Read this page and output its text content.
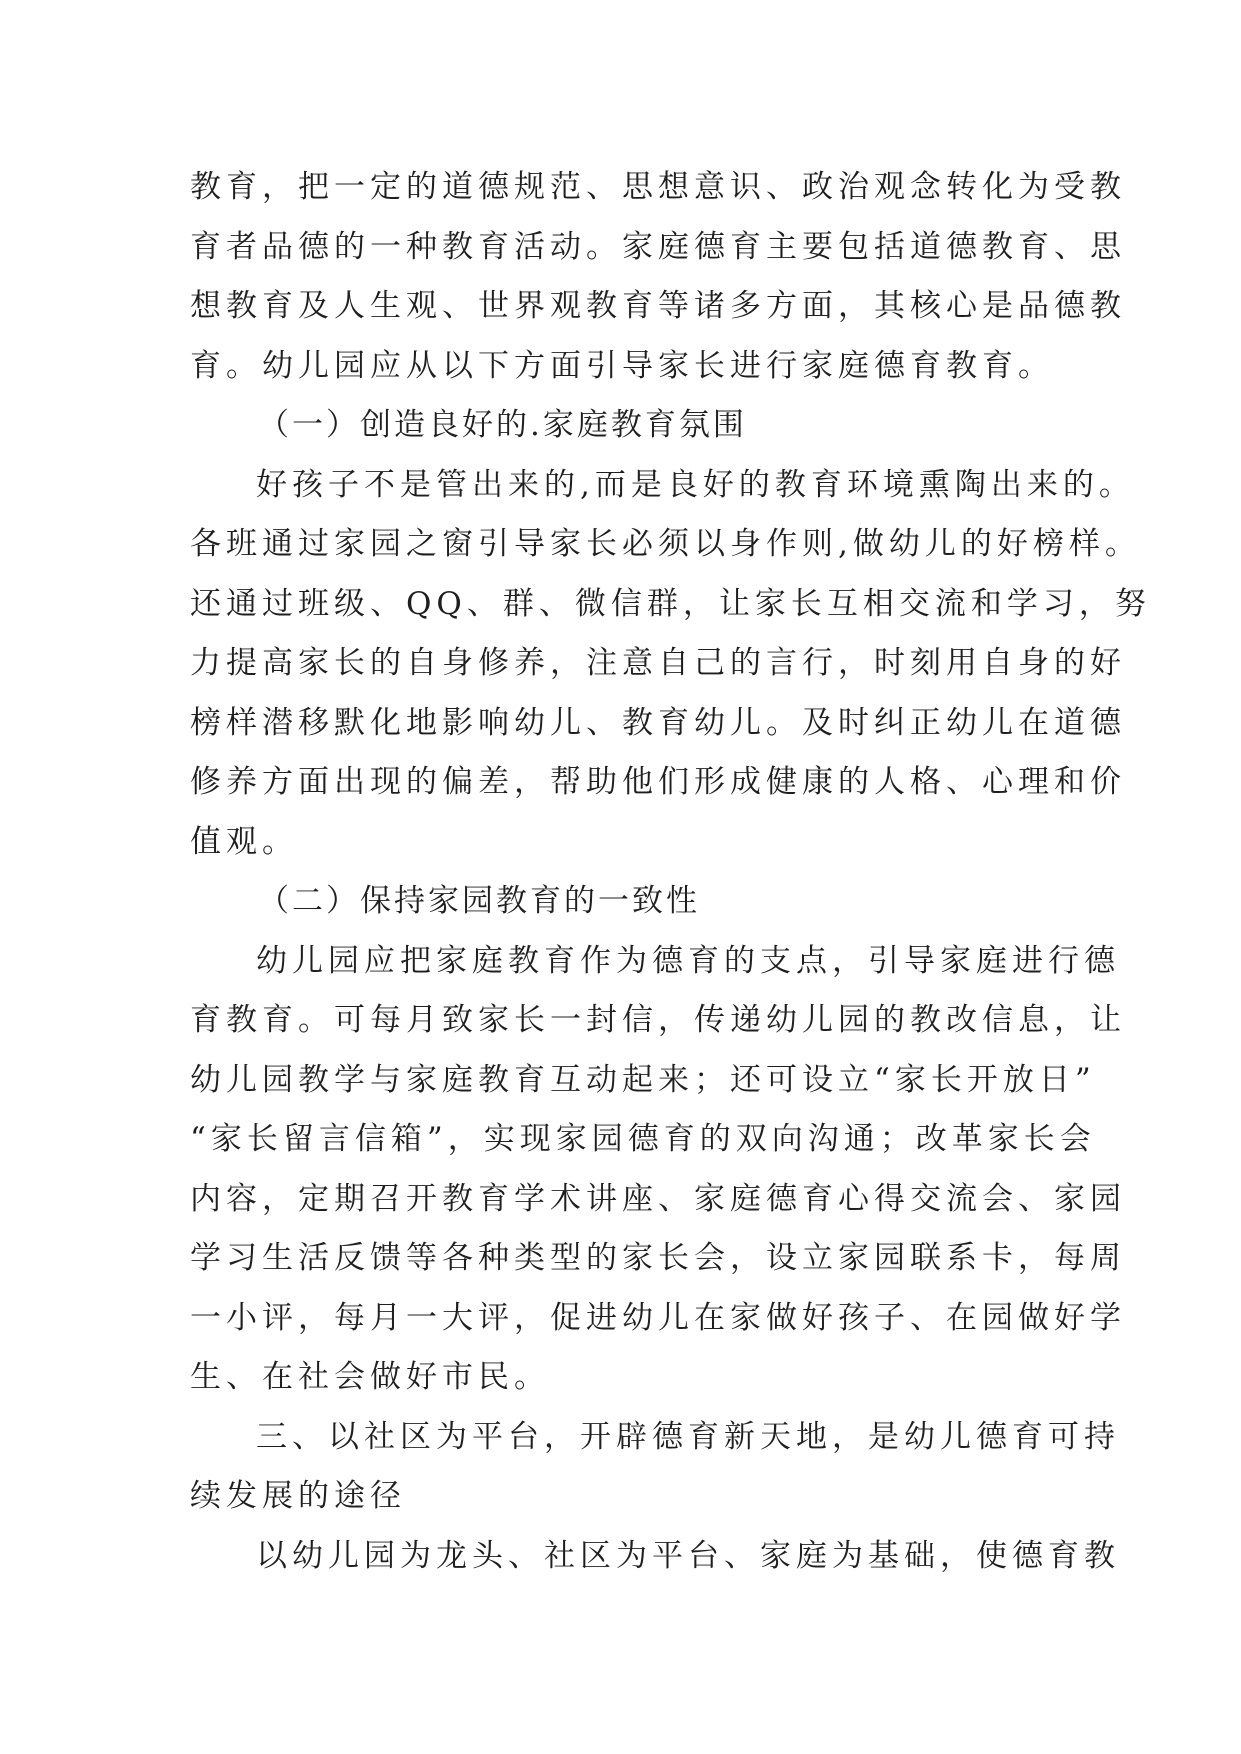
教育，把一定的道德规范、思想意识、政治观念转化为受教
育者品德的一种教育活动。家庭德育主要包括道德教育、思
想教育及人生观、世界观教育等诸多方面，其核心是品德教
育。幼儿园应从以下方面引导家长进行家庭德育教育。
（一）创造良好的.家庭教育氛围
好孩子不是管出来的,而是良好的教育环境熏陶出来的。
各班通过家园之窗引导家长必须以身作则,做幼儿的好榜样。
还通过班级、QQ、群、微信群，让家长互相交流和学习，努
力提高家长的自身修养，注意自己的言行，时刻用自身的好
榜样潜移默化地影响幼儿、教育幼儿。及时纠正幼儿在道德
修养方面出现的偏差，帮助他们形成健康的人格、心理和价
值观。
（二）保持家园教育的一致性
幼儿园应把家庭教育作为德育的支点，引导家庭进行德
育教育。可每月致家长一封信，传递幼儿园的教改信息，让
幼儿园教学与家庭教育互动起来；还可设立“家长开放日”
“家长留言信箱”，实现家园德育的双向沟通；改革家长会
内容，定期召开教育学术讲座、家庭德育心得交流会、家园
学习生活反馈等各种类型的家长会，设立家园联系卡，每周
一小评，每月一大评，促进幼儿在家做好孩子、在园做好学
生、在社会做好市民。
三、以社区为平台，开辟德育新天地，是幼儿德育可持
续发展的途径
以幼儿园为龙头、社区为平台、家庭为基础，使德育教
